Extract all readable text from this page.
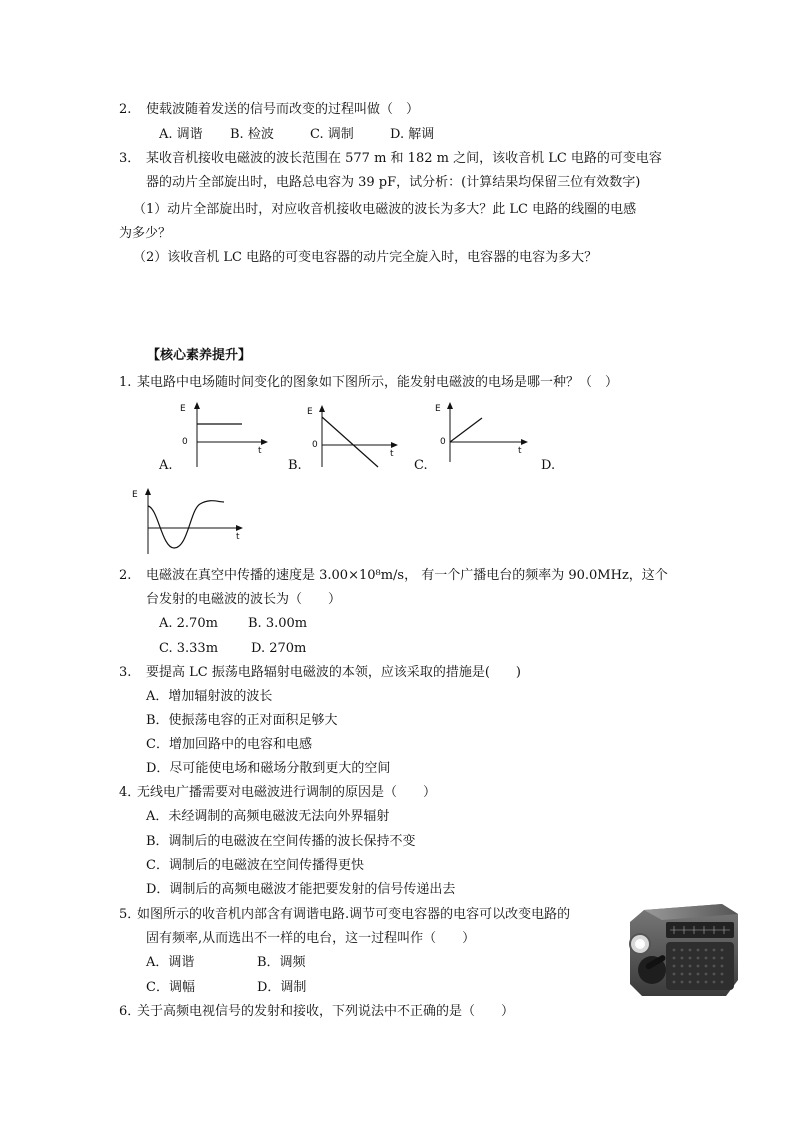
2. 使载波随着发送的信号而改变的过程叫做（　）
A. 调谐 B. 检波	C. 调制	D. 解调
3． 某收音机接收电磁波的波长范围在 577 m 和 182 m 之间，该收音机 LC 电路的可变电容
器的动片全部旋出时，电路总电容为 39 pF，试分析：(计算结果均保留三位有效数字)
（1）动片全部旋出时，对应收音机接收电磁波的波长为多大？此 LC 电路的线圈的电感
为多少？
（2）该收音机 LC 电路的可变电容器的动片完全旋入时，电容器的电容为多大？
【核心素养提升】
1. 某电路中电场随时间变化的图象如下图所示，能发射电磁波的电场是哪一种？（　）
E
0
t
A.
E
0
t
B.
E
0
t
C.	D.
E
t
2. 电磁波在真空中传播的速度是 3.00×10⁸m/s， 有一个广播电台的频率为 90.0MHz，这个
台发射的电磁波的波长为（　　）
A. 2.70m B. 3.00m
C. 3.33m	D. 270m
3. 要提高 LC 振荡电路辐射电磁波的本领，应该采取的措施是(　　)
A．增加辐射波的波长
B．使振荡电容的正对面积足够大
C．增加回路中的电容和电感
D．尽可能使电场和磁场分散到更大的空间
4．
无线电广播需要对电磁波进行调制的原因是（　　）
A．未经调制的高频电磁波无法向外界辐射
B．调制后的电磁波在空间传播的波长保持不变
C．调制后的电磁波在空间传播得更快
D．调制后的高频电磁波才能把要发射的信号传递出去
5．
如图所示的收音机内部含有调谐电路.调节可变电容器的电容可以改变电路的
固有频率,从而选出不一样的电台，这一过程叫作（　　）
A．调谐	B．调频
C．调幅	D．调制
6．
关于高频电视信号的发射和接收，下列说法中不正确的是（　　）
